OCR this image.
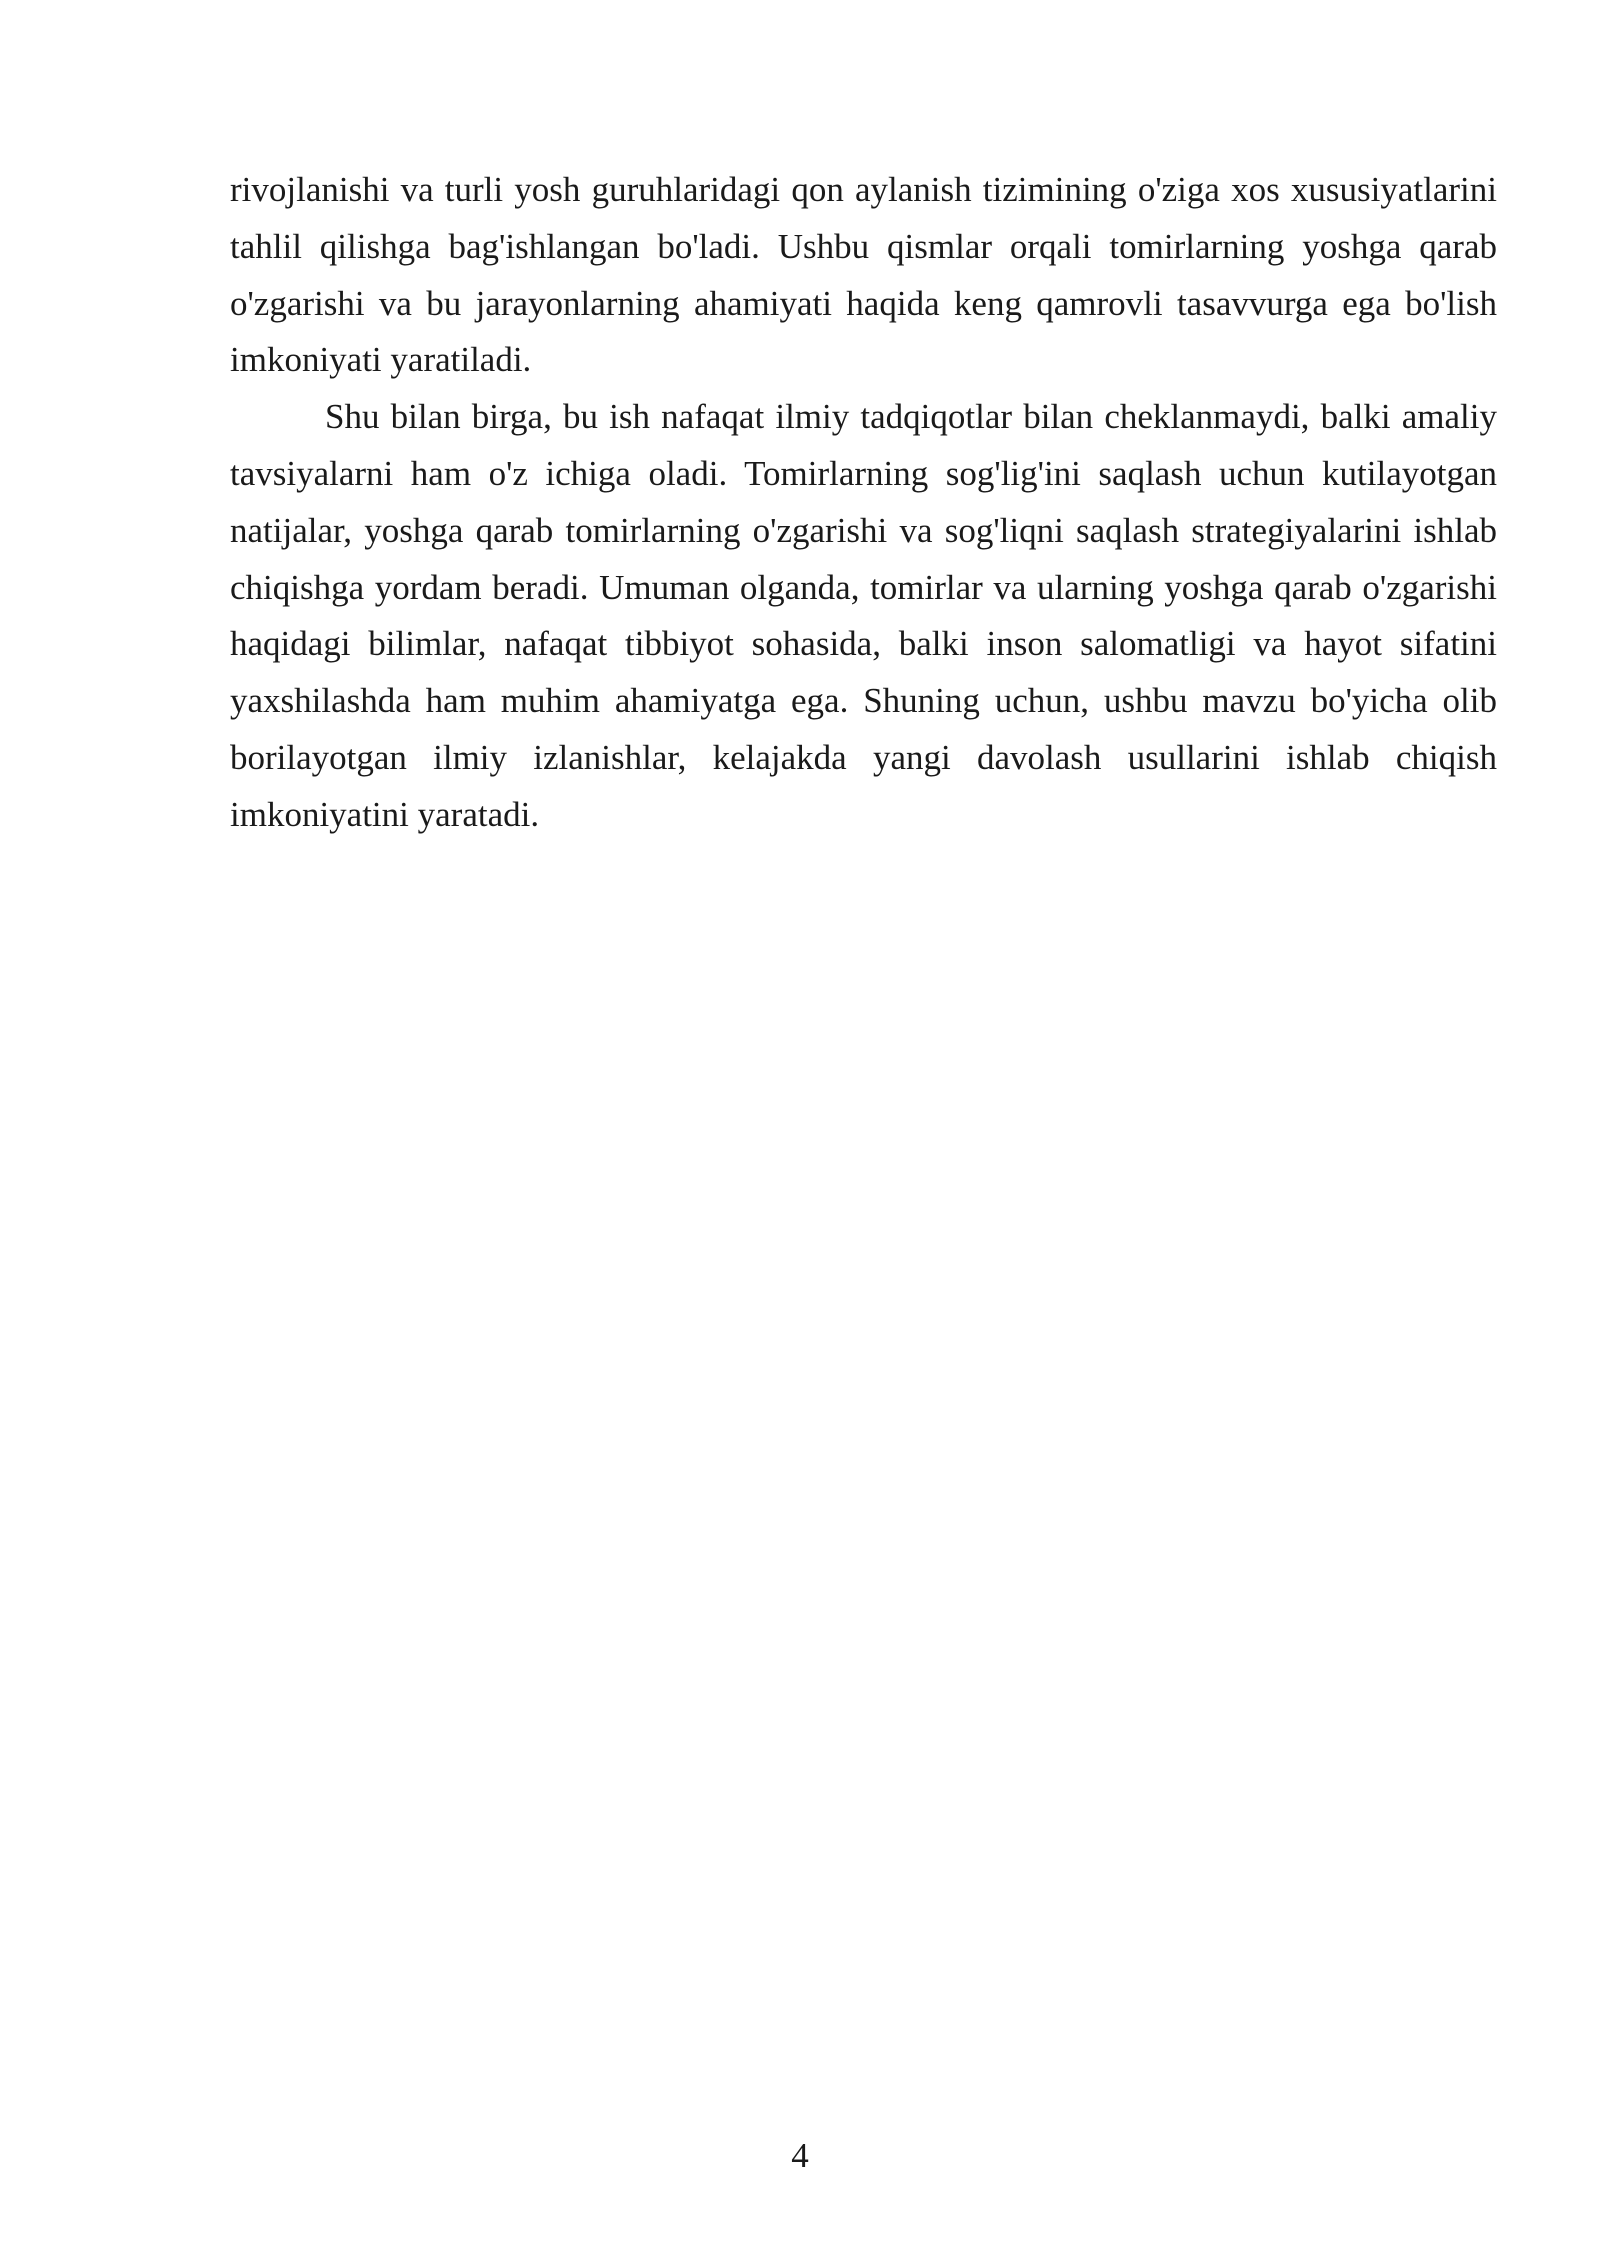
rivojlanishi va turli yosh guruhlaridagi qon aylanish tizimining o'ziga xos xususiyatlarini tahlil qilishga bag'ishlangan bo'ladi. Ushbu qismlar orqali tomirlarning yoshga qarab o'zgarishi va bu jarayonlarning ahamiyati haqida keng qamrovli tasavvurga ega bo'lish imkoniyati yaratiladi.

Shu bilan birga, bu ish nafaqat ilmiy tadqiqotlar bilan cheklanmaydi, balki amaliy tavsiyalarni ham o'z ichiga oladi. Tomirlarning sog'lig'ini saqlash uchun kutilayotgan natijalar, yoshga qarab tomirlarning o'zgarishi va sog'liqni saqlash strategiyalarini ishlab chiqishga yordam beradi. Umuman olganda, tomirlar va ularning yoshga qarab o'zgarishi haqidagi bilimlar, nafaqat tibbiyot sohasida, balki inson salomatligi va hayot sifatini yaxshilashda ham muhim ahamiyatga ega. Shuning uchun, ushbu mavzu bo'yicha olib borilayotgan ilmiy izlanishlar, kelajakda yangi davolash usullarini ishlab chiqish imkoniyatini yaratadi.

4
